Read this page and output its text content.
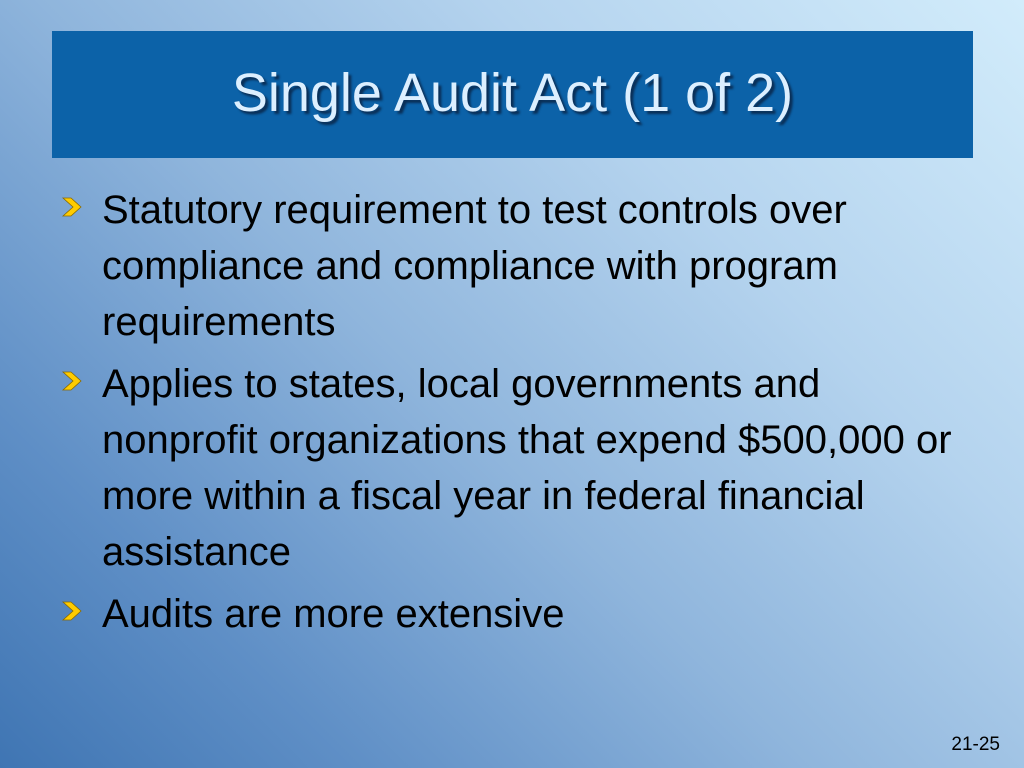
Single Audit Act (1 of 2)
Statutory requirement to test controls over compliance and compliance with program requirements
Applies to states, local governments and nonprofit organizations that expend $500,000 or more within a fiscal year in federal financial assistance
Audits are more extensive
21-25
